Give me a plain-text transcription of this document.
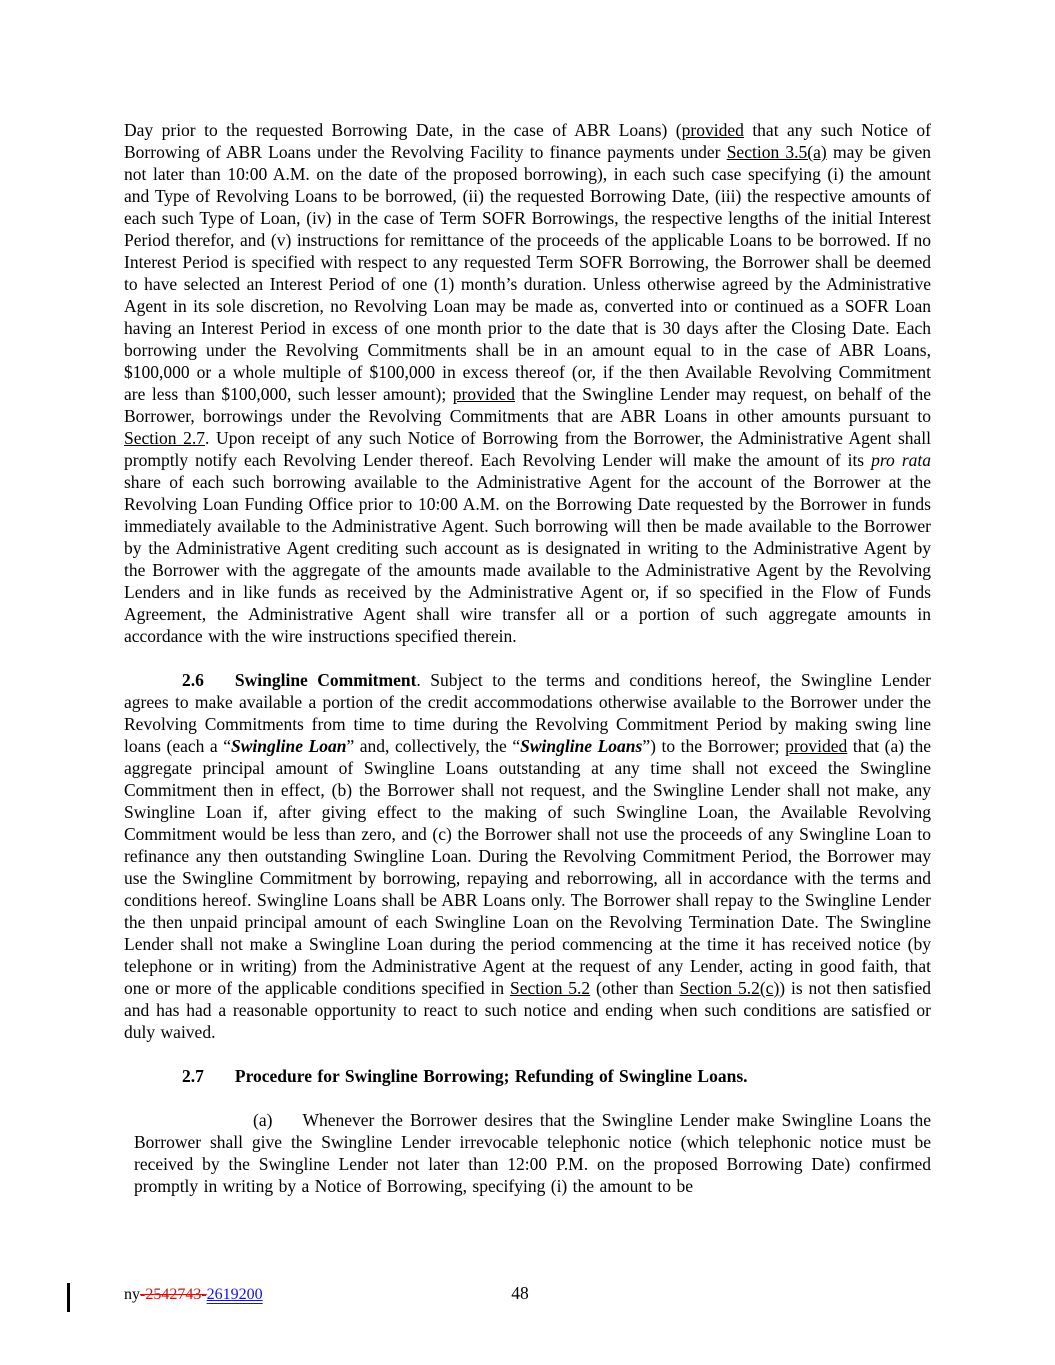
Day prior to the requested Borrowing Date, in the case of ABR Loans) (provided that any such Notice of Borrowing of ABR Loans under the Revolving Facility to finance payments under Section 3.5(a) may be given not later than 10:00 A.M. on the date of the proposed borrowing), in each such case specifying (i) the amount and Type of Revolving Loans to be borrowed, (ii) the requested Borrowing Date, (iii) the respective amounts of each such Type of Loan, (iv) in the case of Term SOFR Borrowings, the respective lengths of the initial Interest Period therefor, and (v) instructions for remittance of the proceeds of the applicable Loans to be borrowed. If no Interest Period is specified with respect to any requested Term SOFR Borrowing, the Borrower shall be deemed to have selected an Interest Period of one (1) month’s duration. Unless otherwise agreed by the Administrative Agent in its sole discretion, no Revolving Loan may be made as, converted into or continued as a SOFR Loan having an Interest Period in excess of one month prior to the date that is 30 days after the Closing Date. Each borrowing under the Revolving Commitments shall be in an amount equal to in the case of ABR Loans, $100,000 or a whole multiple of $100,000 in excess thereof (or, if the then Available Revolving Commitment are less than $100,000, such lesser amount); provided that the Swingline Lender may request, on behalf of the Borrower, borrowings under the Revolving Commitments that are ABR Loans in other amounts pursuant to Section 2.7. Upon receipt of any such Notice of Borrowing from the Borrower, the Administrative Agent shall promptly notify each Revolving Lender thereof. Each Revolving Lender will make the amount of its pro rata share of each such borrowing available to the Administrative Agent for the account of the Borrower at the Revolving Loan Funding Office prior to 10:00 A.M. on the Borrowing Date requested by the Borrower in funds immediately available to the Administrative Agent. Such borrowing will then be made available to the Borrower by the Administrative Agent crediting such account as is designated in writing to the Administrative Agent by the Borrower with the aggregate of the amounts made available to the Administrative Agent by the Revolving Lenders and in like funds as received by the Administrative Agent or, if so specified in the Flow of Funds Agreement, the Administrative Agent shall wire transfer all or a portion of such aggregate amounts in accordance with the wire instructions specified therein.

2.6 Swingline Commitment. Subject to the terms and conditions hereof, the Swingline Lender agrees to make available a portion of the credit accommodations otherwise available to the Borrower under the Revolving Commitments from time to time during the Revolving Commitment Period by making swing line loans (each a “Swingline Loan” and, collectively, the “Swingline Loans”) to the Borrower; provided that (a) the aggregate principal amount of Swingline Loans outstanding at any time shall not exceed the Swingline Commitment then in effect, (b) the Borrower shall not request, and the Swingline Lender shall not make, any Swingline Loan if, after giving effect to the making of such Swingline Loan, the Available Revolving Commitment would be less than zero, and (c) the Borrower shall not use the proceeds of any Swingline Loan to refinance any then outstanding Swingline Loan. During the Revolving Commitment Period, the Borrower may use the Swingline Commitment by borrowing, repaying and reborrowing, all in accordance with the terms and conditions hereof. Swingline Loans shall be ABR Loans only. The Borrower shall repay to the Swingline Lender the then unpaid principal amount of each Swingline Loan on the Revolving Termination Date. The Swingline Lender shall not make a Swingline Loan during the period commencing at the time it has received notice (by telephone or in writing) from the Administrative Agent at the request of any Lender, acting in good faith, that one or more of the applicable conditions specified in Section 5.2 (other than Section 5.2(c)) is not then satisfied and has had a reasonable opportunity to react to such notice and ending when such conditions are satisfied or duly waived.

2.7 Procedure for Swingline Borrowing; Refunding of Swingline Loans.

(a) Whenever the Borrower desires that the Swingline Lender make Swingline Loans the Borrower shall give the Swingline Lender irrevocable telephonic notice (which telephonic notice must be received by the Swingline Lender not later than 12:00 P.M. on the proposed Borrowing Date) confirmed promptly in writing by a Notice of Borrowing, specifying (i) the amount to be

ny-2542743-2619200	48
